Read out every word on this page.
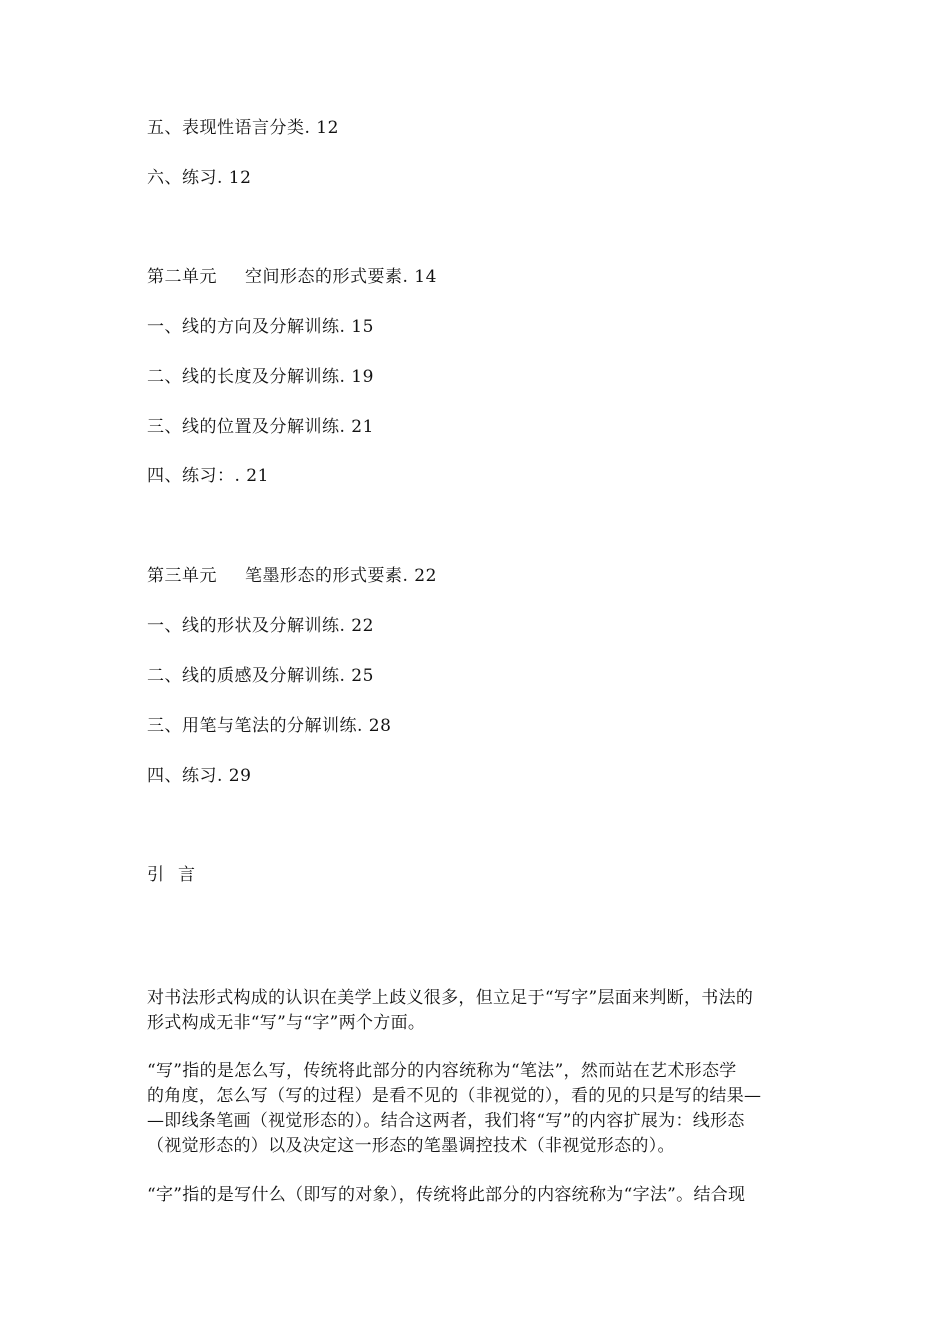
五、表现性语言分类. 12
六、练习. 12
第二单元 空间形态的形式要素. 14
一、线的方向及分解训练. 15
二、线的长度及分解训练. 19
三、线的位置及分解训练. 21
四、练习：. 21
第三单元 笔墨形态的形式要素. 22
一、线的形状及分解训练. 22
二、线的质感及分解训练. 25
三、用笔与笔法的分解训练. 28
四、练习. 29
引言
对书法形式构成的认识在美学上歧义很多，但立足于“写字”层面来判断，书法的
形式构成无非“写”与“字”两个方面。
“写”指的是怎么写，传统将此部分的内容统称为“笔法”，然而站在艺术形态学
的角度，怎么写（写的过程）是看不见的（非视觉的），看的见的只是写的结果—
—即线条笔画（视觉形态的）。结合这两者，我们将“写”的内容扩展为：线形态
（视觉形态的）以及决定这一形态的笔墨调控技术（非视觉形态的）。
“字”指的是写什么（即写的对象），传统将此部分的内容统称为“字法”。结合现
